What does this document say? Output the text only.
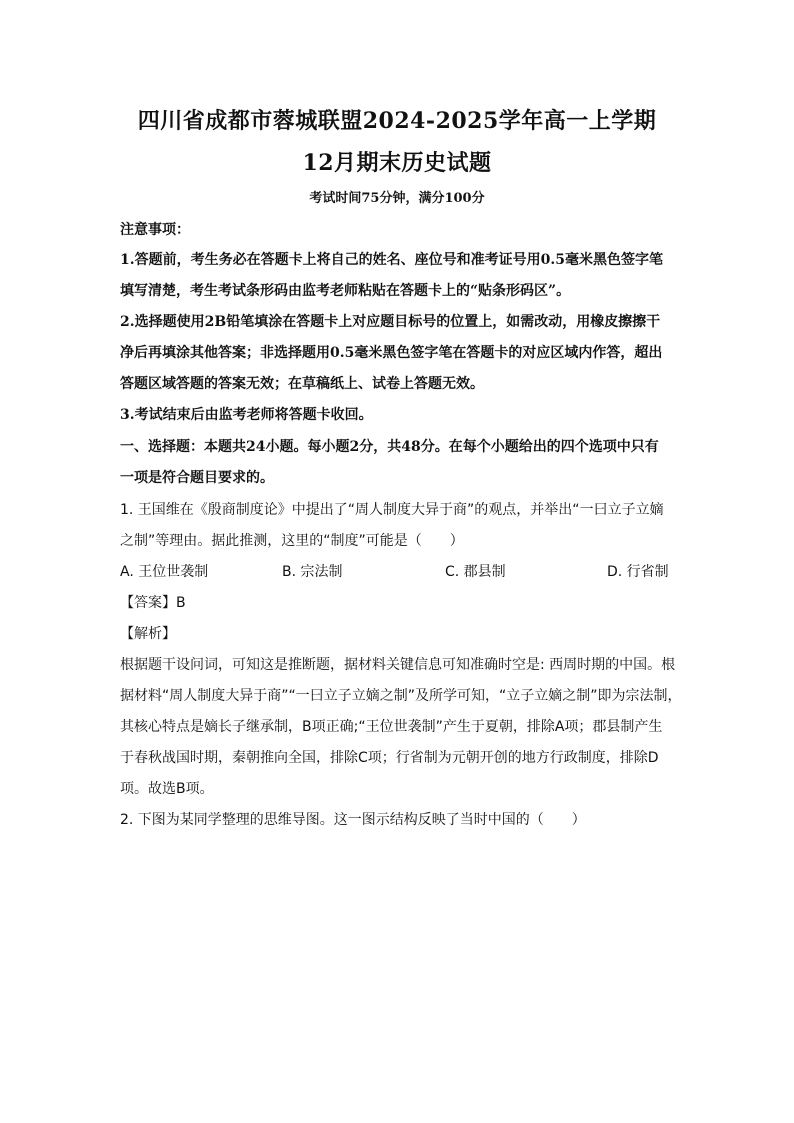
四川省成都市蓉城联盟2024-2025学年高一上学期
12月期末历史试题
考试时间75分钟，满分100分
注意事项：
1.答题前，考生务必在答题卡上将自己的姓名、座位号和准考证号用0.5毫米黑色签字笔
填写清楚，考生考试条形码由监考老师粘贴在答题卡上的“贴条形码区”。
2.选择题使用2B铅笔填涂在答题卡上对应题目标号的位置上，如需改动，用橡皮擦擦干
净后再填涂其他答案；非选择题用0.5毫米黑色签字笔在答题卡的对应区域内作答，超出
答题区域答题的答案无效；在草稿纸上、试卷上答题无效。
3.考试结束后由监考老师将答题卡收回。
一、选择题：本题共24小题。每小题2分，共48分。在每个小题给出的四个选项中只有
一项是符合题目要求的。
1. 王国维在《殷商制度论》中提出了“周人制度大异于商”的观点，并举出“一曰立子立嫡
之制”等理由。据此推测，这里的“制度”可能是（　　）
A. 王位世袭制	B. 宗法制	C. 郡县制	D. 行省制
【答案】B
【解析】
根据题干设问词，可知这是推断题，据材料关键信息可知准确时空是: 西周时期的中国。根
据材料“周人制度大异于商”“一曰立子立嫡之制”及所学可知，“立子立嫡之制”即为宗法制，
其核心特点是嫡长子继承制，B项正确;“王位世袭制”产生于夏朝，排除A项；郡县制产生
于春秋战国时期，秦朝推向全国，排除C项；行省制为元朝开创的地方行政制度，排除D
项。故选B项。
2. 下图为某同学整理的思维导图。这一图示结构反映了当时中国的（　　）
